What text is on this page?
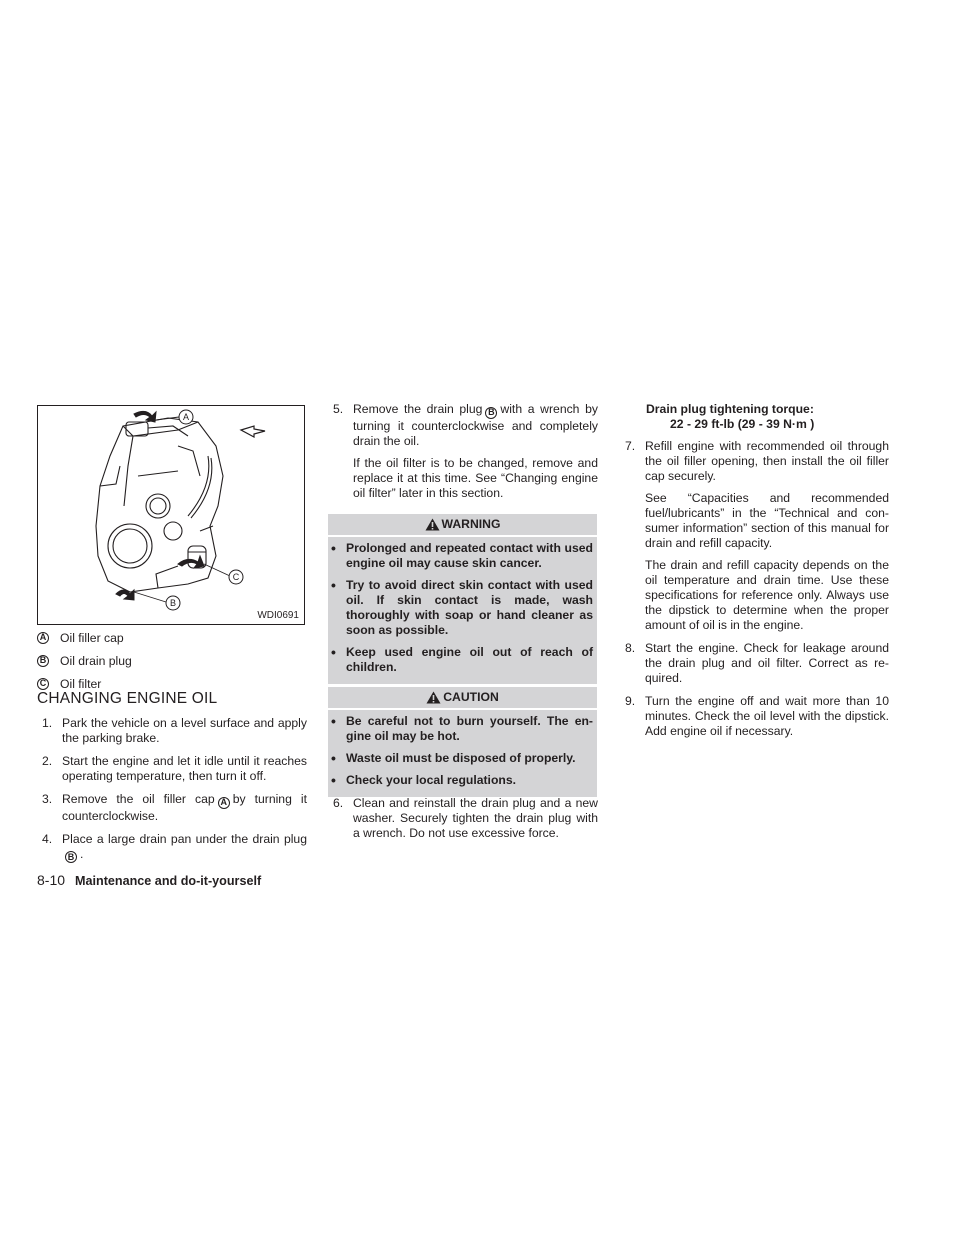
A
C
B
WDI0691
A Oil filler cap
B Oil drain plug
C Oil filter
CHANGING ENGINE OIL
1. Park the vehicle on a level surface and apply the parking brake.
2. Start the engine and let it idle until it reaches operating temperature, then turn it off.
3. Remove the oil filler cap A by turning it counterclockwise.
4. Place a large drain pan under the drain plugB .
8-10 Maintenance and do-it-yourself
5. Remove the drain plug B with a wrench by turning it counterclockwise and completely drain the oil.

If the oil filter is to be changed, remove and replace it at this time. See “Changing engine oil filter” later in this section.

WARNING
• Prolonged and repeated contact with used engine oil may cause skin cancer.
• Try to avoid direct skin contact with used oil. If skin contact is made, wash thoroughly with soap or hand cleaner as soon as possible.
• Keep used engine oil out of reach of children.
CAUTION
• Be careful not to burn yourself. The en- gine oil may be hot.
• Waste oil must be disposed of properly.
• Check your local regulations.
6. Clean and reinstall the drain plug and a new washer. Securely tighten the drain plug with a wrench. Do not use excessive force.
Drain plug tightening torque:
22 - 29 ft-lb (29 - 39 N·m )
7. Refill engine with recommended oil through the oil filler opening, then install the oil filler cap securely.

See “Capacities and recommended fuel/lubricants” in the “Technical and con- sumer information” section of this manual for drain and refill capacity.

The drain and refill capacity depends on the oil temperature and drain time. Use these specifications for reference only. Always use the dipstick to determine when the proper amount of oil is in the engine.

8. Start the engine. Check for leakage around the drain plug and oil filter. Correct as re- quired.
9. Turn the engine off and wait more than 10 minutes. Check the oil level with the dipstick. Add engine oil if necessary.
